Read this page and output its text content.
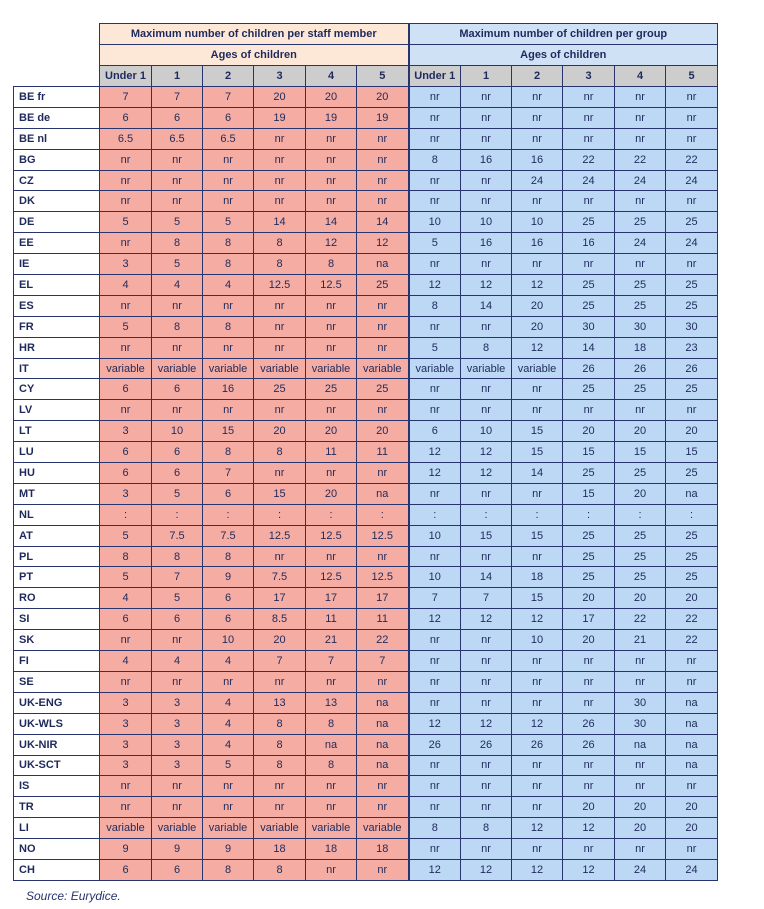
	Maximum number of children per staff member						Maximum number of children per group					
	Ages of children						Ages of children					
	Under 1	1	2	3	4	5	Under 1	1	2	3	4	5
BE fr	7	7	7	20	20	20	nr	nr	nr	nr	nr	nr
BE de	6	6	6	19	19	19	nr	nr	nr	nr	nr	nr
BE nl	6.5	6.5	6.5	nr	nr	nr	nr	nr	nr	nr	nr	nr
BG	nr	nr	nr	nr	nr	nr	8	16	16	22	22	22
CZ	nr	nr	nr	nr	nr	nr	nr	nr	24	24	24	24
DK	nr	nr	nr	nr	nr	nr	nr	nr	nr	nr	nr	nr
DE	5	5	5	14	14	14	10	10	10	25	25	25
EE	nr	8	8	8	12	12	5	16	16	16	24	24
IE	3	5	8	8	8	na	nr	nr	nr	nr	nr	nr
EL	4	4	4	12.5	12.5	25	12	12	12	25	25	25
ES	nr	nr	nr	nr	nr	nr	8	14	20	25	25	25
FR	5	8	8	nr	nr	nr	nr	nr	20	30	30	30
HR	nr	nr	nr	nr	nr	nr	5	8	12	14	18	23
IT	variable	variable	variable	variable	variable	variable	variable	variable	variable	26	26	26
CY	6	6	16	25	25	25	nr	nr	nr	25	25	25
LV	nr	nr	nr	nr	nr	nr	nr	nr	nr	nr	nr	nr
LT	3	10	15	20	20	20	6	10	15	20	20	20
LU	6	6	8	8	11	11	12	12	15	15	15	15
HU	6	6	7	nr	nr	nr	12	12	14	25	25	25
MT	3	5	6	15	20	na	nr	nr	nr	15	20	na
NL	:	:	:	:	:	:	:	:	:	:	:	:
AT	5	7.5	7.5	12.5	12.5	12.5	10	15	15	25	25	25
PL	8	8	8	nr	nr	nr	nr	nr	nr	25	25	25
PT	5	7	9	7.5	12.5	12.5	10	14	18	25	25	25
RO	4	5	6	17	17	17	7	7	15	20	20	20
SI	6	6	6	8.5	11	11	12	12	12	17	22	22
SK	nr	nr	10	20	21	22	nr	nr	10	20	21	22
FI	4	4	4	7	7	7	nr	nr	nr	nr	nr	nr
SE	nr	nr	nr	nr	nr	nr	nr	nr	nr	nr	nr	nr
UK-ENG	3	3	4	13	13	na	nr	nr	nr	nr	30	na
UK-WLS	3	3	4	8	8	na	12	12	12	26	30	na
UK-NIR	3	3	4	8	na	na	26	26	26	26	na	na
UK-SCT	3	3	5	8	8	na	nr	nr	nr	nr	nr	na
IS	nr	nr	nr	nr	nr	nr	nr	nr	nr	nr	nr	nr
TR	nr	nr	nr	nr	nr	nr	nr	nr	nr	20	20	20
LI	variable	variable	variable	variable	variable	variable	8	8	12	12	20	20
NO	9	9	9	18	18	18	nr	nr	nr	nr	nr	nr
CH	6	6	8	8	nr	nr	12	12	12	12	24	24
Source: Eurydice.
